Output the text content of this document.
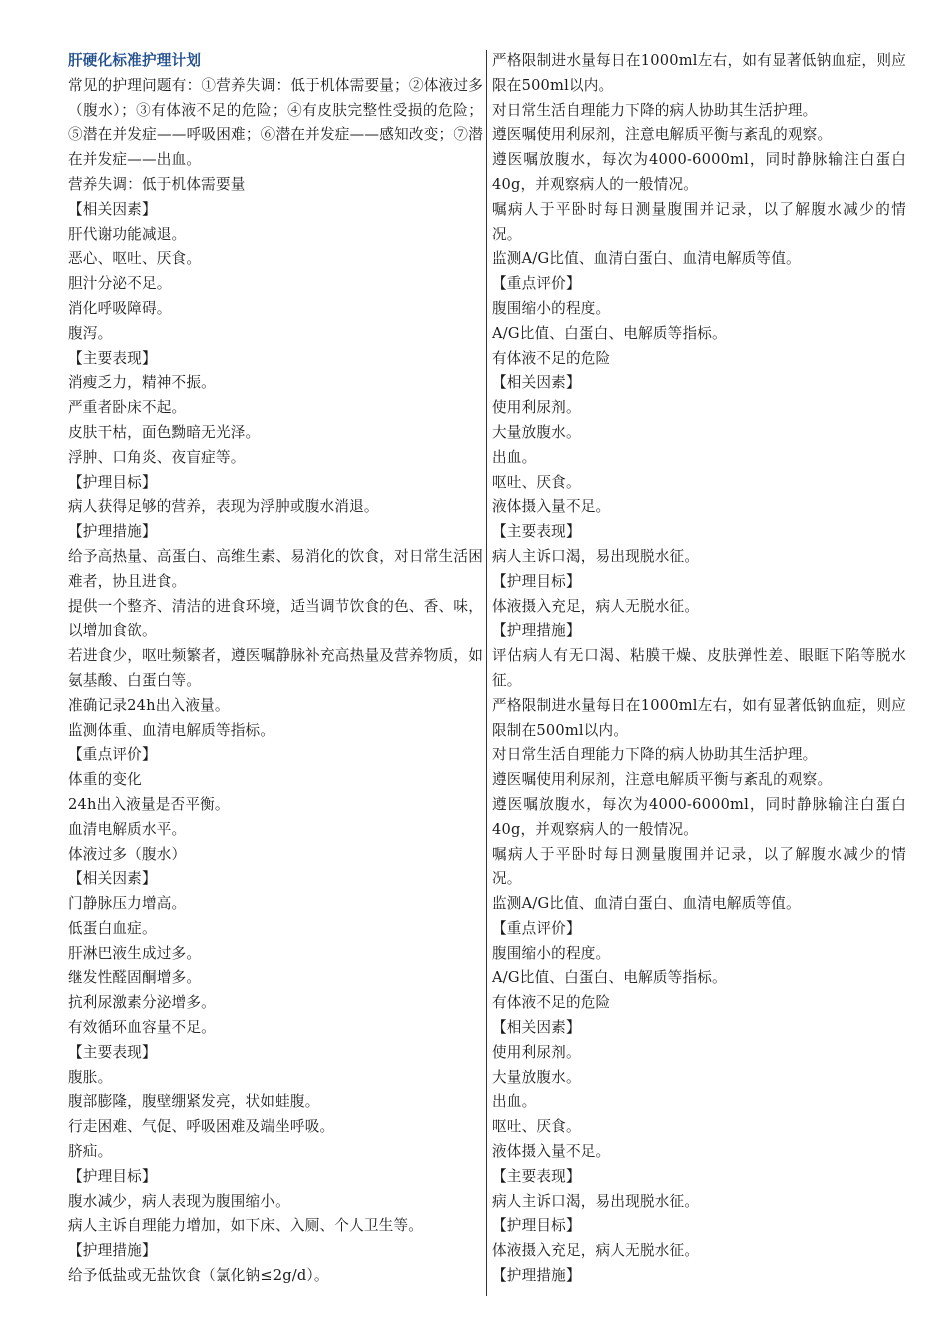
肝硬化标准护理计划

常见的护理问题有：①营养失调：低于机体需要量；②体液过多（腹水）；③有体液不足的危险；④有皮肤完整性受损的危险；⑤潜在并发症——呼吸困难；⑥潜在并发症——感知改变；⑦潜在并发症——出血。

营养失调：低于机体需要量

【相关因素】

肝代谢功能减退。

恶心、呕吐、厌食。

胆汁分泌不足。

消化呼吸障碍。

腹泻。

【主要表现】

消瘦乏力，精神不振。

严重者卧床不起。

皮肤干枯，面色黝暗无光泽。

浮肿、口角炎、夜盲症等。

【护理目标】

病人获得足够的营养，表现为浮肿或腹水消退。

【护理措施】

给予高热量、高蛋白、高维生素、易消化的饮食，对日常生活困难者，协且进食。

提供一个整齐、清洁的进食环境，适当调节饮食的色、香、味，以增加食欲。

若进食少，呕吐频繁者，遵医嘱静脉补充高热量及营养物质，如氨基酸、白蛋白等。

准确记录24h出入液量。

监测体重、血清电解质等指标。

【重点评价】

体重的变化

24h出入液量是否平衡。

血清电解质水平。

体液过多（腹水）

【相关因素】

门静脉压力增高。

低蛋白血症。

肝淋巴液生成过多。

继发性醛固酮增多。

抗利尿激素分泌增多。

有效循环血容量不足。

【主要表现】

腹胀。

腹部膨隆，腹壁绷紧发亮，状如蛙腹。

行走困难、气促、呼吸困难及端坐呼吸。

脐疝。

【护理目标】

腹水减少，病人表现为腹围缩小。

病人主诉自理能力增加，如下床、入厕、个人卫生等。

【护理措施】

给予低盐或无盐饮食（氯化钠≤2g/d）。

严格限制进水量每日在1000ml左右，如有显著低钠血症，则应限在500ml以内。

对日常生活自理能力下降的病人协助其生活护理。

遵医嘱使用利尿剂，注意电解质平衡与紊乱的观察。

遵医嘱放腹水，每次为4000-6000ml，同时静脉输注白蛋白40g，并观察病人的一般情况。

嘱病人于平卧时每日测量腹围并记录，以了解腹水减少的情况。

监测A/G比值、血清白蛋白、血清电解质等值。

【重点评价】

腹围缩小的程度。

A/G比值、白蛋白、电解质等指标。

有体液不足的危险

【相关因素】

使用利尿剂。

大量放腹水。

出血。

呕吐、厌食。

液体摄入量不足。

【主要表现】

病人主诉口渴，易出现脱水征。

【护理目标】

体液摄入充足，病人无脱水征。

【护理措施】

评估病人有无口渴、粘膜干燥、皮肤弹性差、眼眶下陷等脱水征。

严格限制进水量每日在1000ml左右，如有显著低钠血症，则应限制在500ml以内。

对日常生活自理能力下降的病人协助其生活护理。

遵医嘱使用利尿剂，注意电解质平衡与紊乱的观察。

遵医嘱放腹水，每次为4000-6000ml，同时静脉输注白蛋白40g，并观察病人的一般情况。

嘱病人于平卧时每日测量腹围并记录，以了解腹水减少的情况。

监测A/G比值、血清白蛋白、血清电解质等值。

【重点评价】

腹围缩小的程度。

A/G比值、白蛋白、电解质等指标。

有体液不足的危险

【相关因素】

使用利尿剂。

大量放腹水。

出血。

呕吐、厌食。

液体摄入量不足。

【主要表现】

病人主诉口渴，易出现脱水征。

【护理目标】

体液摄入充足，病人无脱水征。

【护理措施】
